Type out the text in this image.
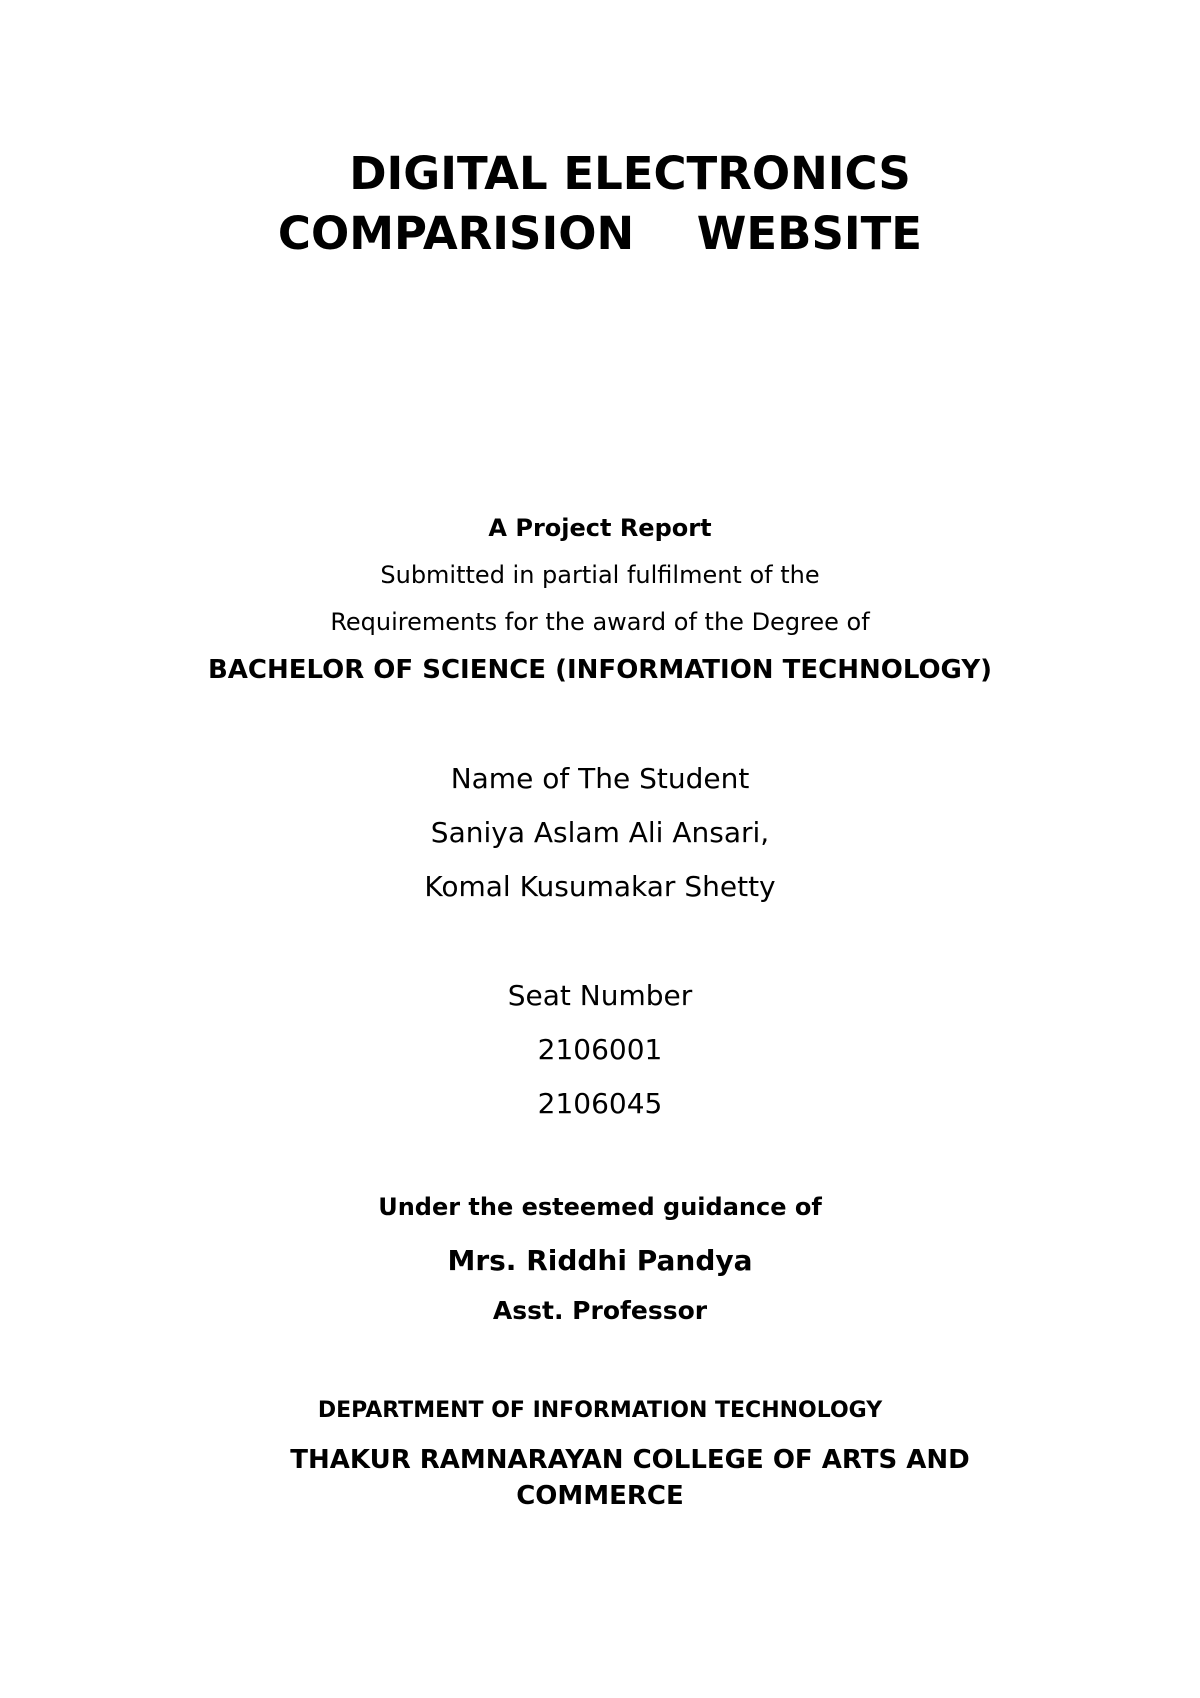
DIGITAL ELECTRONICS
COMPARISION    WEBSITE
A Project Report
Submitted in partial fulfilment of the
Requirements for the award of the Degree of
BACHELOR OF SCIENCE (INFORMATION TECHNOLOGY)
Name of The Student
Saniya Aslam Ali Ansari,
Komal Kusumakar Shetty
Seat Number
2106001
2106045
Under the esteemed guidance of
Mrs. Riddhi Pandya
Asst. Professor
DEPARTMENT OF INFORMATION TECHNOLOGY
THAKUR RAMNARAYAN COLLEGE OF ARTS AND
COMMERCE
